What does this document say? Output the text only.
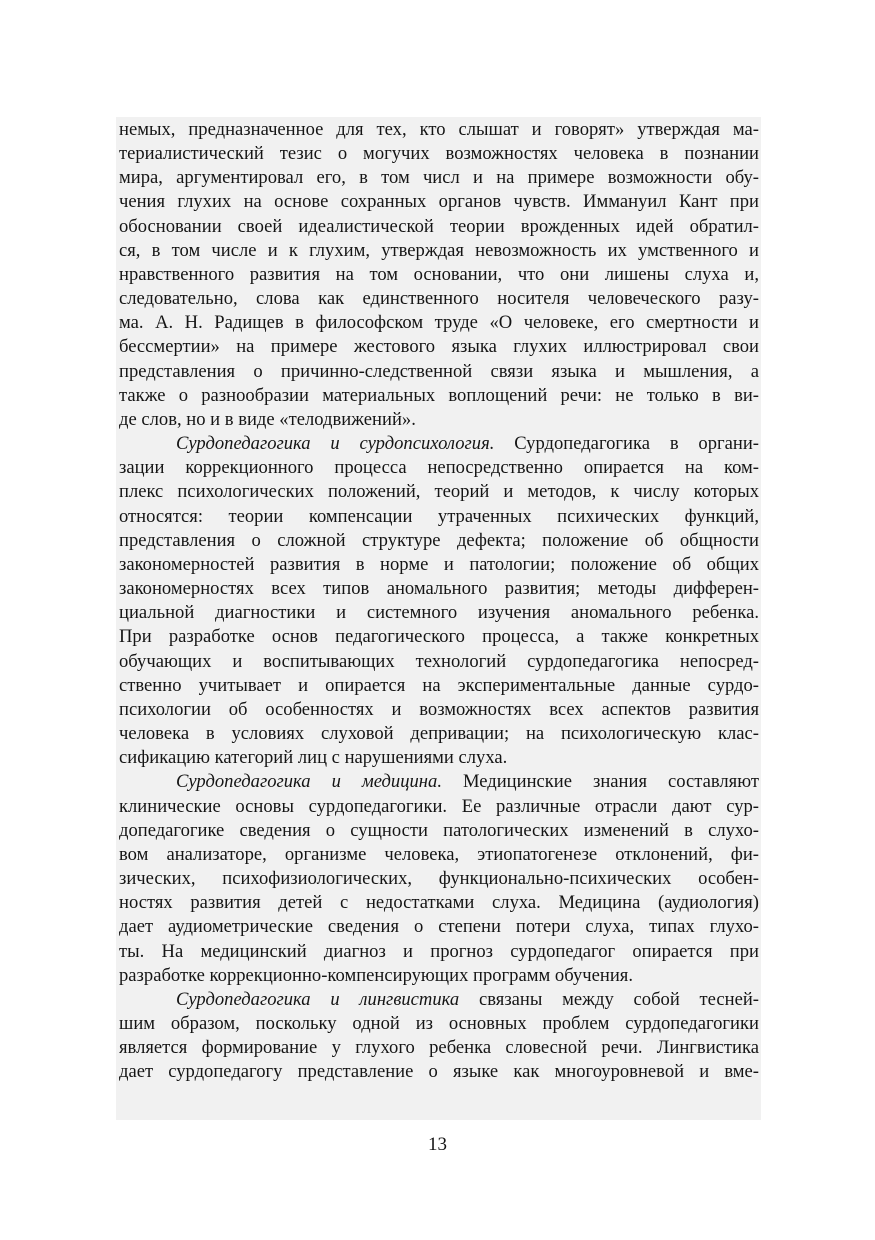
немых, предназначенное для тех, кто слышат и говорят» утверждая ма-
териалистический тезис о могучих возможностях человека в познании
мира, аргументировал его, в том числ и на примере возможности обу-
чения глухих на основе сохранных органов чувств. Иммануил Кант при
обосновании своей идеалистической теории врожденных идей обратил-
ся, в том числе и к глухим, утверждая невозможность их умственного и
нравственного развития на том основании, что они лишены слуха и,
следовательно, слова как единственного носителя человеческого разу-
ма. А. Н. Радищев в философском труде «О человеке, его смертности и
бессмертии» на примере жестового языка глухих иллюстрировал свои
представления о причинно-следственной связи языка и мышления, а
также о разнообразии материальных воплощений речи: не только в ви-
де слов, но и в виде «телодвижений».
Сурдопедагогика и сурдопсихология. Сурдопедагогика в органи-
зации коррекционного процесса непосредственно опирается на ком-
плекс психологических положений, теорий и методов, к числу которых
относятся: теории компенсации утраченных психических функций,
представления о сложной структуре дефекта; положение об общности
закономерностей развития в норме и патологии; положение об общих
закономерностях всех типов аномального развития; методы дифферен-
циальной диагностики и системного изучения аномального ребенка.
При разработке основ педагогического процесса, а также конкретных
обучающих и воспитывающих технологий сурдопедагогика непосред-
ственно учитывает и опирается на экспериментальные данные сурдо-
психологии об особенностях и возможностях всех аспектов развития
человека в условиях слуховой депривации; на психологическую клас-
сификацию категорий лиц с нарушениями слуха.
Сурдопедагогика и медицина. Медицинские знания составляют
клинические основы сурдопедагогики. Ее различные отрасли дают сур-
допедагогике сведения о сущности патологических изменений в слухо-
вом анализаторе, организме человека, этиопатогенезе отклонений, фи-
зических, психофизиологических, функционально-психических особен-
ностях развития детей с недостатками слуха. Медицина (аудиология)
дает аудиометрические сведения о степени потери слуха, типах глухо-
ты. На медицинский диагноз и прогноз сурдопедагог опирается при
разработке коррекционно-компенсирующих программ обучения.
Сурдопедагогика и лингвистика связаны между собой тесней-
шим образом, поскольку одной из основных проблем сурдопедагогики
является формирование у глухого ребенка словесной речи. Лингвистика
дает сурдопедагогу представление о языке как многоуровневой и вме-
13
